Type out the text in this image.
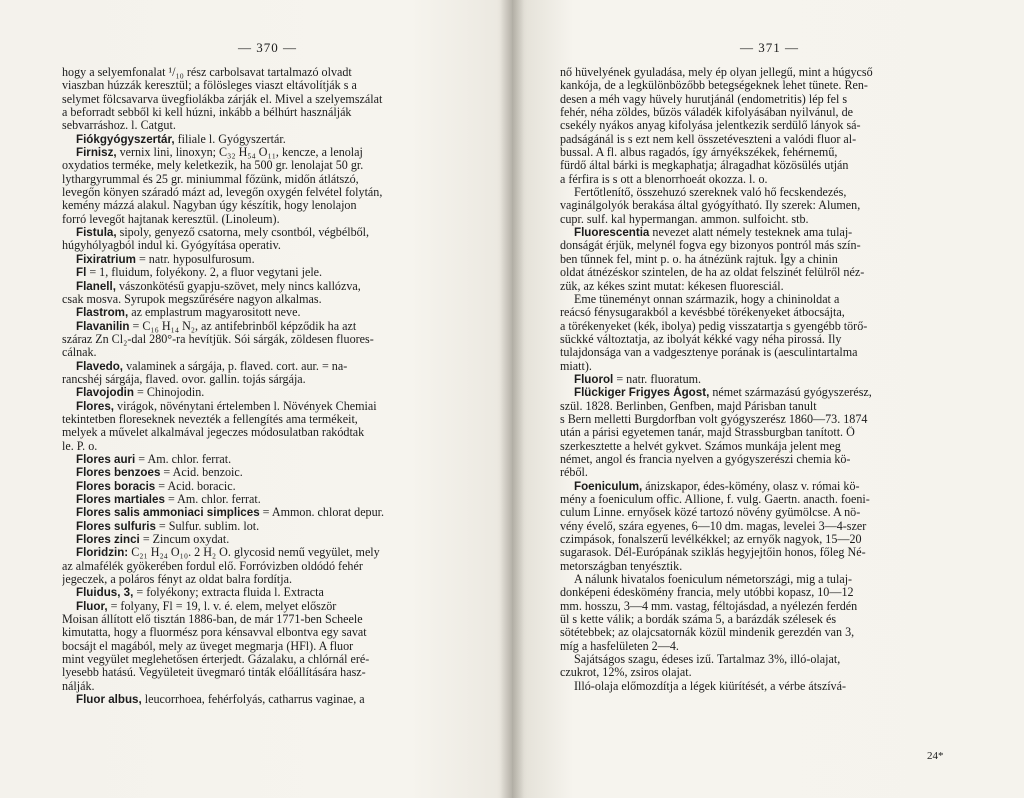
— 370 —
hogy a selyemfonalat ¹/₁₀ rész carbolsavat tartalmazó olvadt
viaszban húzzák keresztül; a fölösleges viaszt eltávolítják s a
selymet fölcsavarva üvegfiolákba zárják el. Mivel a szelyemszálat
a beforradt sebből ki kell húzni, inkább a bélhúrt használják
sebvarráshoz. l. Catgut.
Fiókgyógyszertár, filiale l. Gyógyszertár.
Firnisz, vernix lini, linoxyn; C₃₂ H₅₄ O₁₁, kencze, a lenolaj
oxydatios terméke, mely keletkezik, ha 500 gr. lenolajat 50 gr.
lythargyrummal és 25 gr. miniummal főzünk, midőn átlátszó,
levegőn könyen száradó mázt ad, levegőn oxygén felvétel folytán,
kemény mázzá alakul. Nagyban úgy készítik, hogy lenolajon
forró levegőt hajtanak keresztül. (Linoleum).
Fistula, sipoly, genyező csatorna, mely csontból, végbélből,
húgyhólyagból indul ki. Gyógyítása operativ.
Fixiratrium = natr. hyposulfurosum.
Fl = 1, fluidum, folyékony. 2, a fluor vegytani jele.
Flanell, vászonkötésű gyapju-szövet, mely nincs kallózva,
csak mosva. Syrupok megszűrésére nagyon alkalmas.
Flastrom, az emplastrum magyarositott neve.
Flavanilin = C₁₆ H₁₄ N₂, az antifebrinből képződik ha azt
száraz Zn Cl₂-dal 280°-ra hevítjük. Sói sárgák, zöldesen fluores-
cálnak.
Flavedo, valaminek a sárgája, p. flaved. cort. aur. = na-
rancshéj sárgája, flaved. ovor. gallin. tojás sárgája.
Flavojodin = Chinojodin.
Flores, virágok, növénytani értelemben l. Növények Chemiai
tekintetben floreseknek nevezték a fellengítés ama termékeit,
melyek a művelet alkalmával jegeczes módosulatban rakódtak
le. P. o.
Flores auri = Am. chlor. ferrat.
Flores benzoes = Acid. benzoic.
Flores boracis = Acid. boracic.
Flores martiales = Am. chlor. ferrat.
Flores salis ammoniaci simplices = Ammon. chlorat depur.
Flores sulfuris = Sulfur. sublim. lot.
Flores zinci = Zincum oxydat.
Floridzin: C₂₁ H₂₄ O₁₀. 2 H₂ O. glycosid nemű vegyület, mely
az almafélék gyökerében fordul elő. Forróvizben oldódó fehér
jegeczek, a poláros fényt az oldat balra fordítja.
Fluidus, 3, = folyékony; extracta fluida l. Extracta
Fluor, = folyany, Fl = 19, l. v. é. elem, melyet először
Moisan állított elő tisztán 1886-ban, de már 1771-ben Scheele
kimutatta, hogy a fluormész pora kénsavval elbontva egy savat
bocsájt el magából, mely az üveget megmarja (HFl). A fluor
mint vegyület meglehetősen érterjedt. Gázalaku, a chlórnál eré-
lyesebb hatású. Vegyületeit üvegmaró tinták előállítására hasz-
nálják.
Fluor albus, leucorrhoea, fehérfolyás, catharrus vaginae, a
— 371 —
nő hüvelyének gyuladása, mely ép olyan jellegű, mint a húgycső
kankója, de a legkülönbözőbb betegségeknek lehet tünete. Ren-
desen a méh vagy hüvely hurutjánál (endometritis) lép fel s
fehér, néha zöldes, bűzös váladék kifolyásában nyilvánul, de
csekély nyákos anyag kifolyása jelentkezik serdülő lányok sá-
padságánál is s ezt nem kell összetéveszteni a valódi fluor al-
bussal. A fl. albus ragadós, így árnyékszékek, fehérnemű,
fürdő által bárki is megkaphatja; álragadhat közösülés utján
a férfira is s ott a blenorrhoeát okozza. l. o.
Fertőtlenítő, összehuzó szereknek való hő fecskendezés,
vaginálgolyók berakása által gyógyítható. Ily szerek: Alumen,
cupr. sulf. kal hypermangan. ammon. sulfoicht. stb.
Fluorescentia nevezet alatt némely testeknek ama tulaj-
donságát érjük, melynél fogva egy bizonyos pontról más szín-
ben tűnnek fel, mint p. o. ha átnézünk rajtuk. Így a chinin
oldat átnézéskor szintelen, de ha az oldat felszinét felülről néz-
zük, az kékes szint mutat: kékesen fluoresciál.
Eme tüneményt onnan származik, hogy a chininoldat a
reácsó fénysugarakból a kevésbbé törékenyeket átbocsájta,
a törékenyeket (kék, ibolya) pedig visszatartja s gyengébb törő-
sückké változtatja, az ibolyát kékké vagy néha pirossá. Ily
tulajdonsága van a vadgesztenye porának is (aesculintartalma
miatt).
Fluorol = natr. fluoratum.
Flückiger Frigyes Ágost, német származású gyógyszerész,
szül. 1828. Berlinben, Genfben, majd Párisban tanult
s Bern melletti Burgdorfban volt gyógyszerész 1860—73. 1874
után a párisi egyetemen tanár, majd Strassburgban tanított. Ő
szerkesztette a helvét gykvet. Számos munkája jelent meg
német, angol és francia nyelven a gyógyszerészi chemia kö-
réből.
Foeniculum, ánizskapor, édes-kömény, olasz v. római kö-
mény a foeniculum offic. Allione, f. vulg. Gaertn. anacth. foeni-
culum Linne. ernyősek közé tartozó növény gyümölcse. A nö-
vény évelő, szára egyenes, 6—10 dm. magas, levelei 3—4-szer
czimpások, fonalszerű levélkékkel; az ernyők nagyok, 15—20
sugarasok. Dél-Európának sziklás hegyjejtőin honos, főleg Né-
metországban tenyésztik.
A nálunk hivatalos foeniculum németországi, mig a tulaj-
donképeni édeskömény francia, mely utóbbi kopasz, 10—12
mm. hosszu, 3—4 mm. vastag, féltojásdad, a nyélezén ferdén
ül s kette válik; a bordák száma 5, a barázdák szélesek és
sötétebbek; az olajcsatornák közül mindenik gerezdén van 3,
míg a hasfelületen 2—4.
Sajátságos szagu, édeses izű. Tartalmaz 3%, illó-olajat,
czukrot, 12%, zsiros olajat.
Illó-olaja előmozdítja a légek kiürítését, a vérbe átszívá-
24*
